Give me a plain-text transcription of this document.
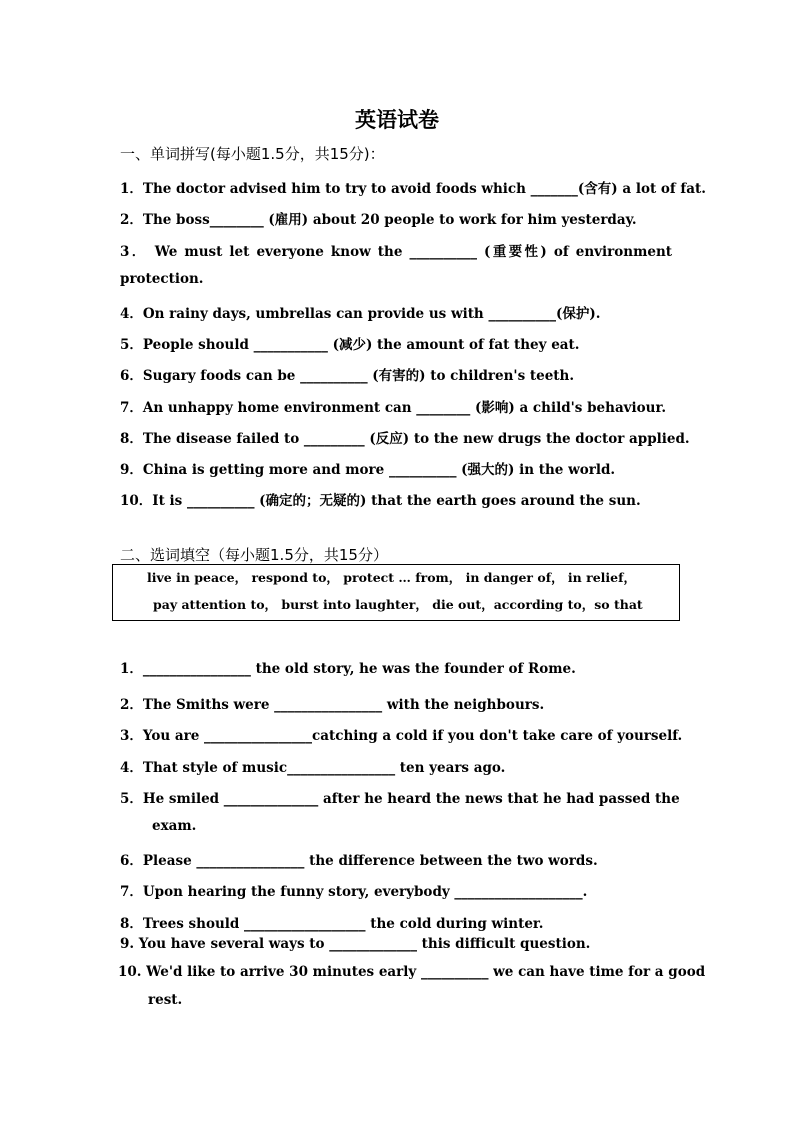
英语试卷
一、单词拼写(每小题1.5分，共15分)：
1．The doctor advised him to try to avoid foods which _______(含有) a lot of fat.
2．The boss________ (雇用) about 20 people to work for him yesterday.
3． We must let everyone know the __________ (重要性) of environment
protection.
4．On rainy days, umbrellas can provide us with __________(保护).
5．People should ___________ (减少) the amount of fat they eat.
6．Sugary foods can be __________ (有害的) to children's teeth.
7．An unhappy home environment can ________ (影响) a child's behaviour.
8．The disease failed to _________ (反应) to the new drugs the doctor applied.
9．China is getting more and more __________ (强大的) in the world.
10．It is __________ (确定的；无疑的) that the earth goes around the sun.
二、选词填空（每小题1.5分，共15分）
live in peace， respond to， protect … from， in danger of， in relief，
pay attention to， burst into laughter， die out，according to，so that
1．________________ the old story, he was the founder of Rome.
2．The Smiths were ________________ with the neighbours.
3．You are ________________catching a cold if you don't take care of yourself.
4．That style of music________________ ten years ago.
5．He smiled ______________ after he heard the news that he had passed the
exam.
6．Please ________________ the difference between the two words.
7．Upon hearing the funny story, everybody ___________________.
8．Trees should __________________ the cold during winter.
9. You have several ways to _____________ this difficult question.
10. We'd like to arrive 30 minutes early __________ we can have time for a good
rest.
